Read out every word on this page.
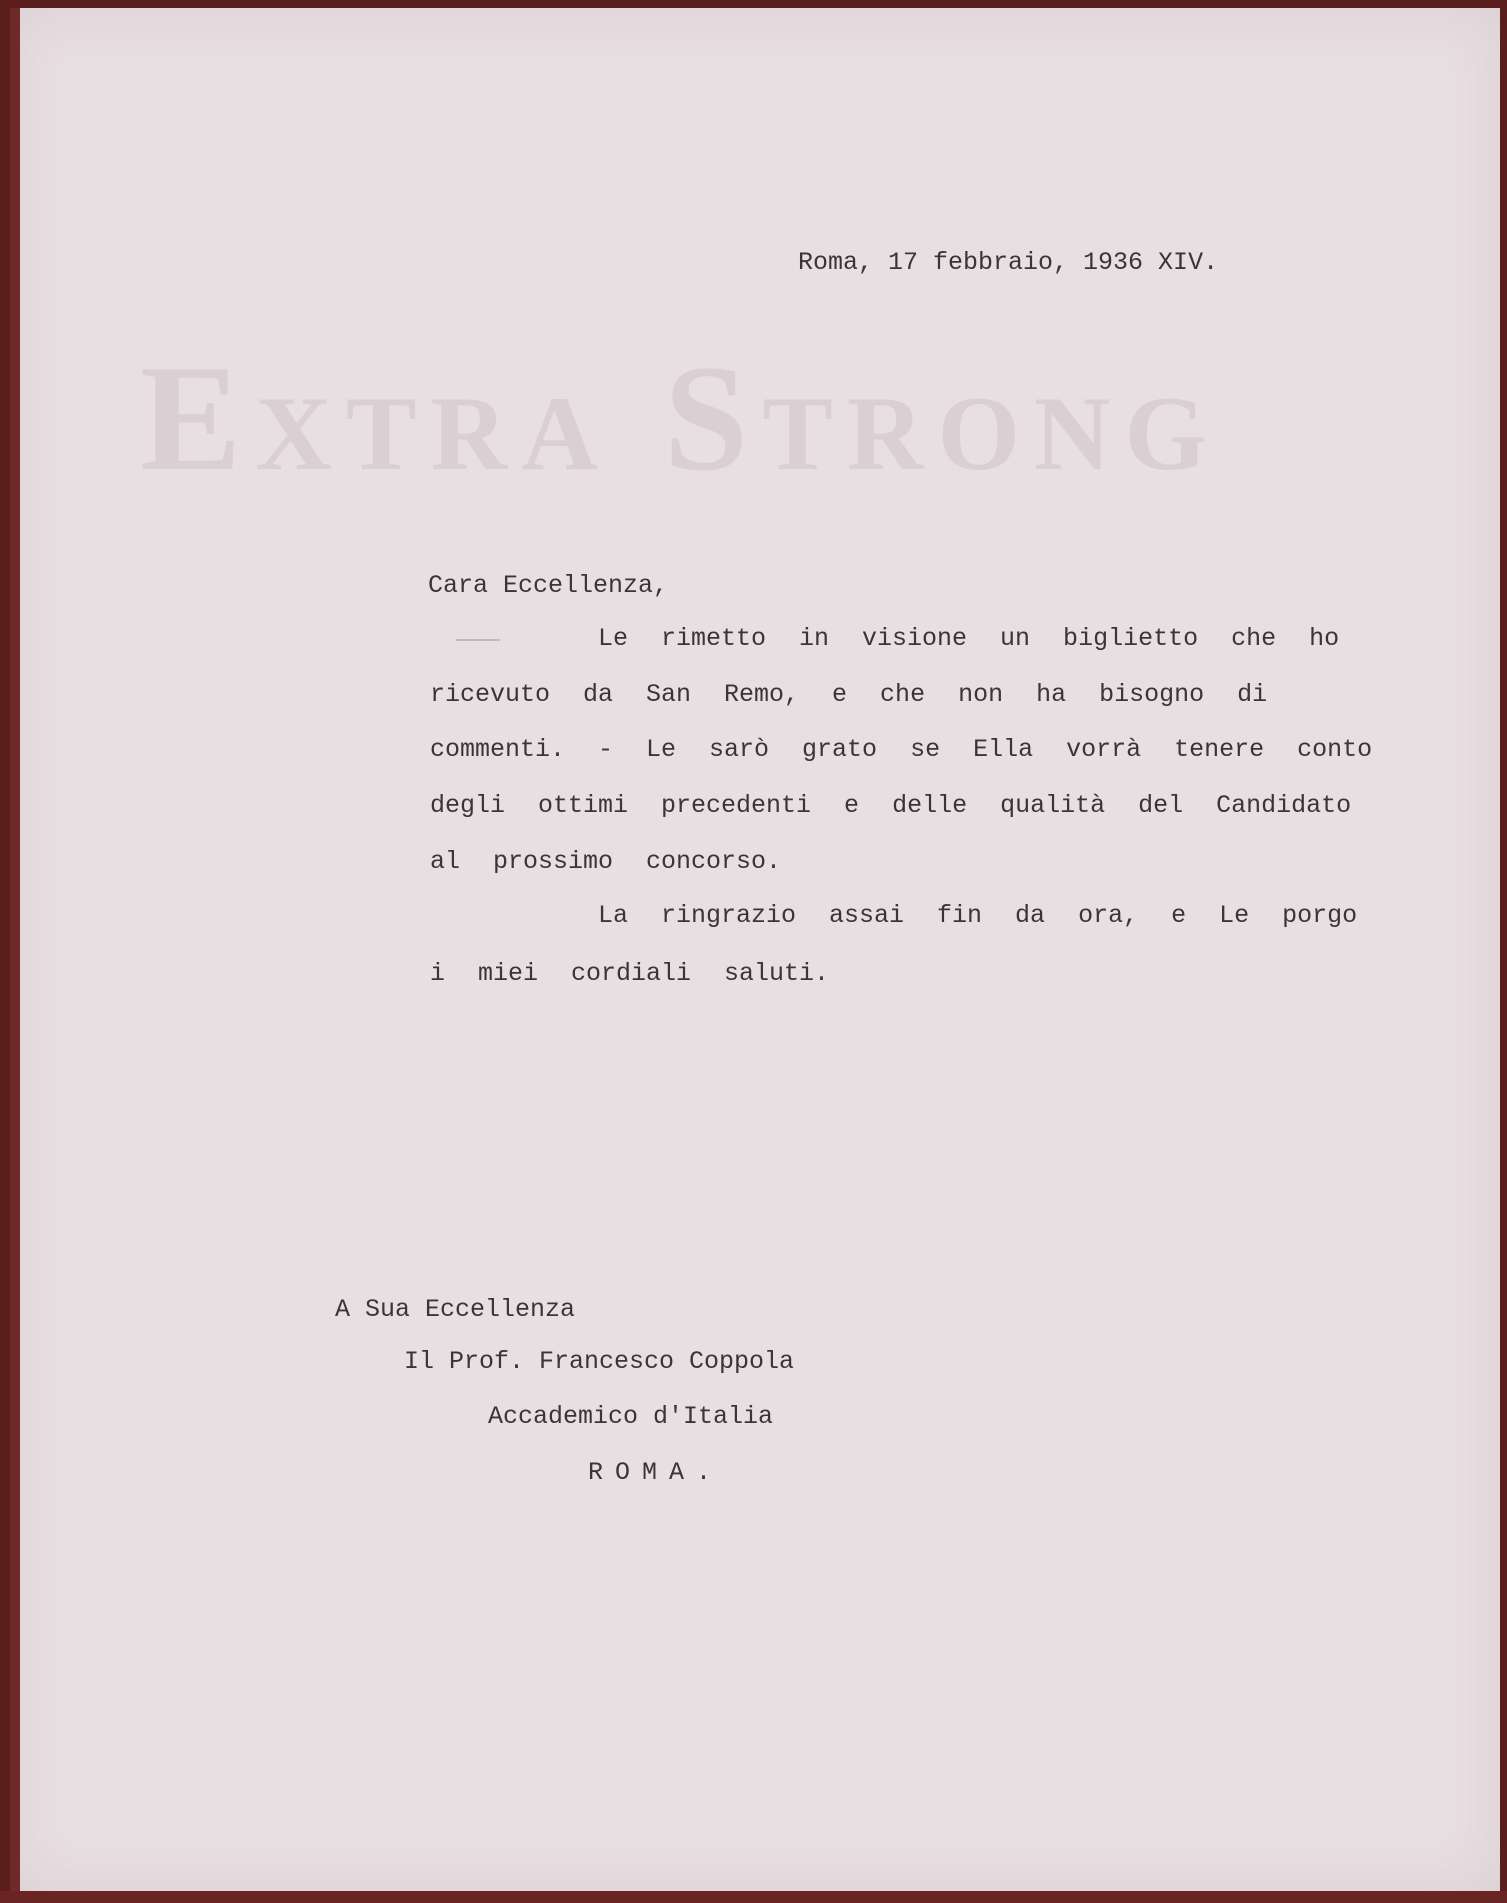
Extra Strong
Roma, 17 febbraio, 1936 XIV.
Cara Eccellenza,
Le rimetto in visione un biglietto che ho
ricevuto da San Remo, e che non ha bisogno di
commenti. - Le sarò grato se Ella vorrà tenere conto
degli ottimi precedenti e delle qualità del Candidato
al prossimo concorso.
La ringrazio assai fin da ora, e Le porgo
i miei cordiali saluti.
A Sua Eccellenza
Il Prof. Francesco Coppola
Accademico d'Italia
ROMA.
